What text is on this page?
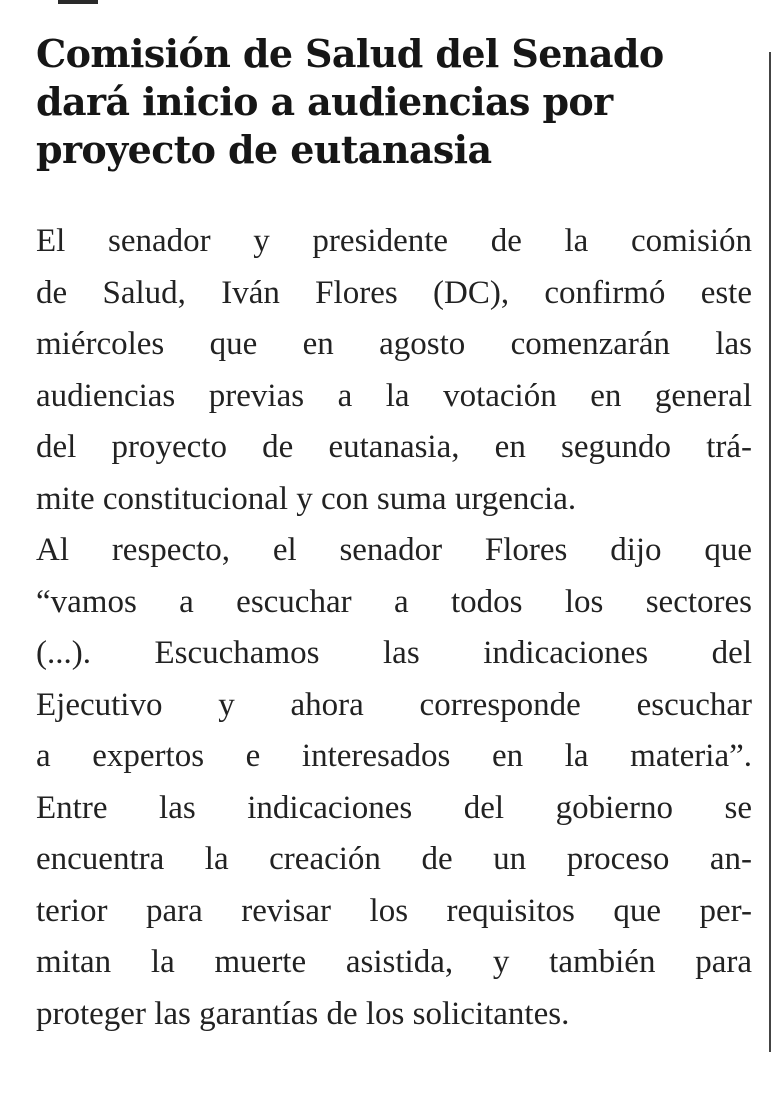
Comisión de Salud del Senado
dará inicio a audiencias por
proyecto de eutanasia
El senador y presidente de la comisión
de Salud, Iván Flores (DC), confirmó este
miércoles que en agosto comenzarán las
audiencias previas a la votación en general
del proyecto de eutanasia, en segundo trá-
mite constitucional y con suma urgencia.
Al respecto, el senador Flores dijo que
“vamos a escuchar a todos los sectores
(...). Escuchamos las indicaciones del
Ejecutivo y ahora corresponde escuchar
a expertos e interesados en la materia”.
Entre las indicaciones del gobierno se
encuentra la creación de un proceso an-
terior para revisar los requisitos que per-
mitan la muerte asistida, y también para
proteger las garantías de los solicitantes.
